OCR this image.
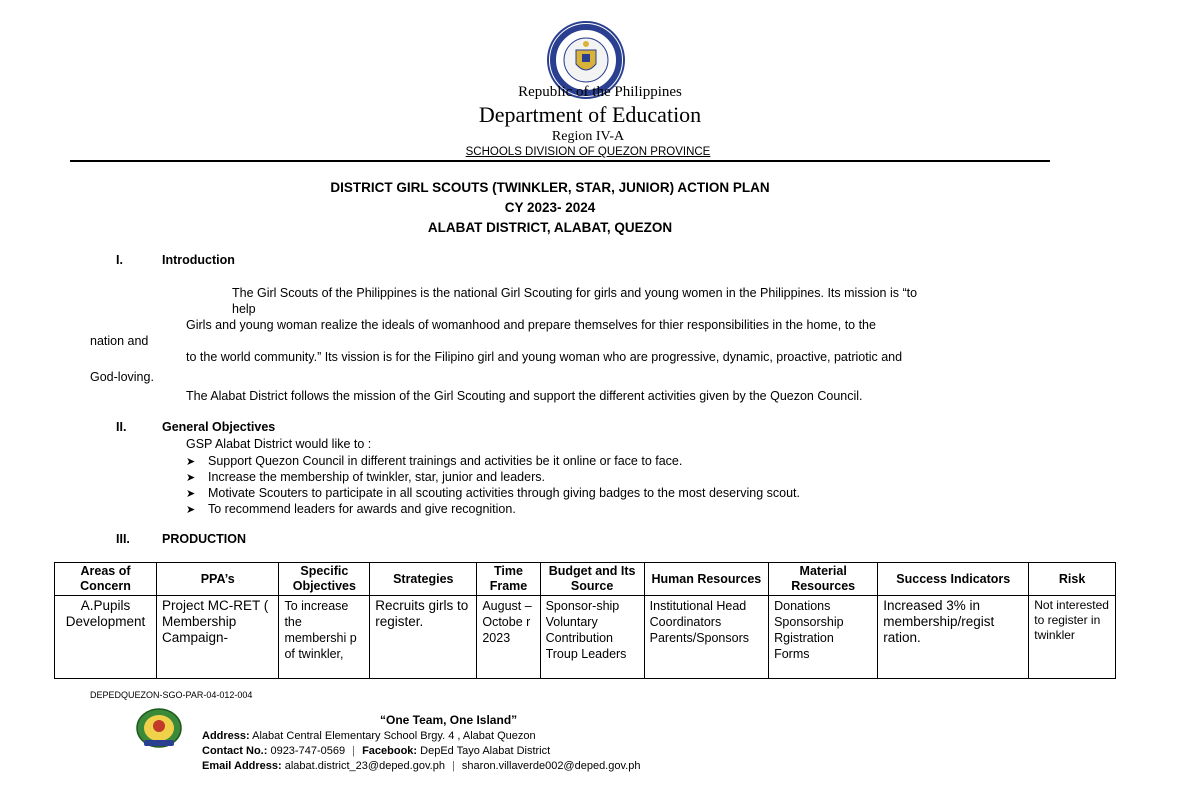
Republic of the Philippines
Department of Education
Region IV-A
SCHOOLS DIVISION OF QUEZON PROVINCE
DISTRICT GIRL SCOUTS (TWINKLER, STAR, JUNIOR) ACTION PLAN
CY 2023- 2024
ALABAT DISTRICT, ALABAT, QUEZON
I.	Introduction
The Girl Scouts of the Philippines is the national Girl Scouting for girls and young women in the Philippines. Its mission is “to
help
Girls and young woman realize the ideals of womanhood and prepare themselves for thier responsibilities in the home, to the
nation and
to the world community.” Its vission is for the Filipino girl and young woman who are progressive, dynamic, proactive, patriotic and
God-loving.
The Alabat District follows the mission of the Girl Scouting and support the different activities given by the Quezon Council.
II.	General Objectives
GSP Alabat District would like to :
➤ Support Quezon Council in different trainings and activities be it online or face to face.
➤ Increase the membership of twinkler, star, junior and leaders.
➤ Motivate Scouters to participate in all scouting activities through giving badges to the most deserving scout.
➤ To recommend leaders for awards and give recognition.
III.	PRODUCTION
Areas of Concern	PPA’s	Specific Objectives	Strategies	Time Frame	Budget and Its Source	Human Resources	Material Resources	Success Indicators	Risk

A.Pupils Development	Project MC-RET ( Membership Campaign-	To increase the membershi p of twinkler,	Recruits girls to register.	August – Octobe r 2023	Sponsor-ship Voluntary Contribution Troup Leaders	Institutional Head Coordinators Parents/Sponsors	Donations Sponsorship Rgistration Forms	Increased 3% in membership/regist ration.	Not interested to register in twinkler
DEPEDQUEZON-SGO-PAR-04-012-004
“One Team, One Island”
Address: Alabat Central Elementary School Brgy. 4 , Alabat Quezon
Contact No.: 0923-747-0569 | Facebook: DepEd Tayo Alabat District
Email Address: alabat.district_23@deped.gov.ph | sharon.villaverde002@deped.gov.ph
